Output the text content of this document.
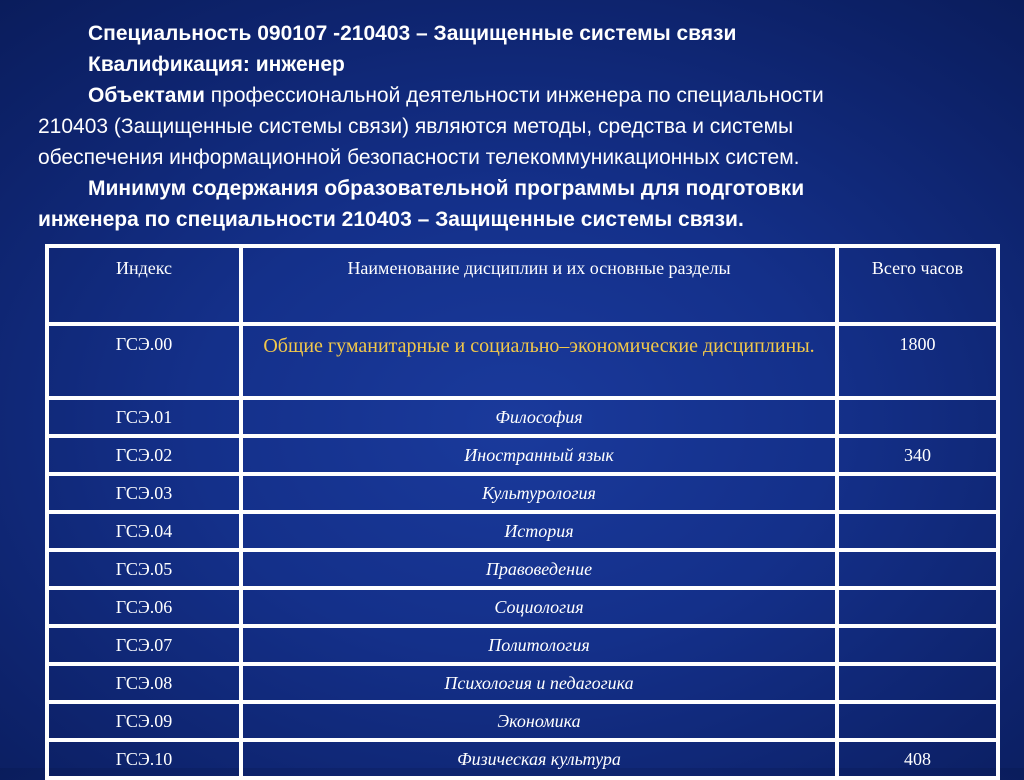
Специальность 090107 -210403 – Защищенные системы связи
Квалификация: инженер
Объектами профессиональной деятельности инженера по специальности
210403 (Защищенные системы связи) являются методы, средства и системы
обеспечения информационной безопасности телекоммуникационных систем.
Минимум содержания образовательной программы для подготовки
инженера по специальности 210403 – Защищенные системы связи.
Индекс	Наименование дисциплин и их основные разделы	Всего часов
ГСЭ.00	Общие гуманитарные и социально–экономические дисциплины.	1800
ГСЭ.01	Философия	
ГСЭ.02	Иностранный язык	340
ГСЭ.03	Культурология	
ГСЭ.04	История	
ГСЭ.05	Правоведение	
ГСЭ.06	Социология	
ГСЭ.07	Политология	
ГСЭ.08	Психология и педагогика	
ГСЭ.09	Экономика	
ГСЭ.10	Физическая культура	408
